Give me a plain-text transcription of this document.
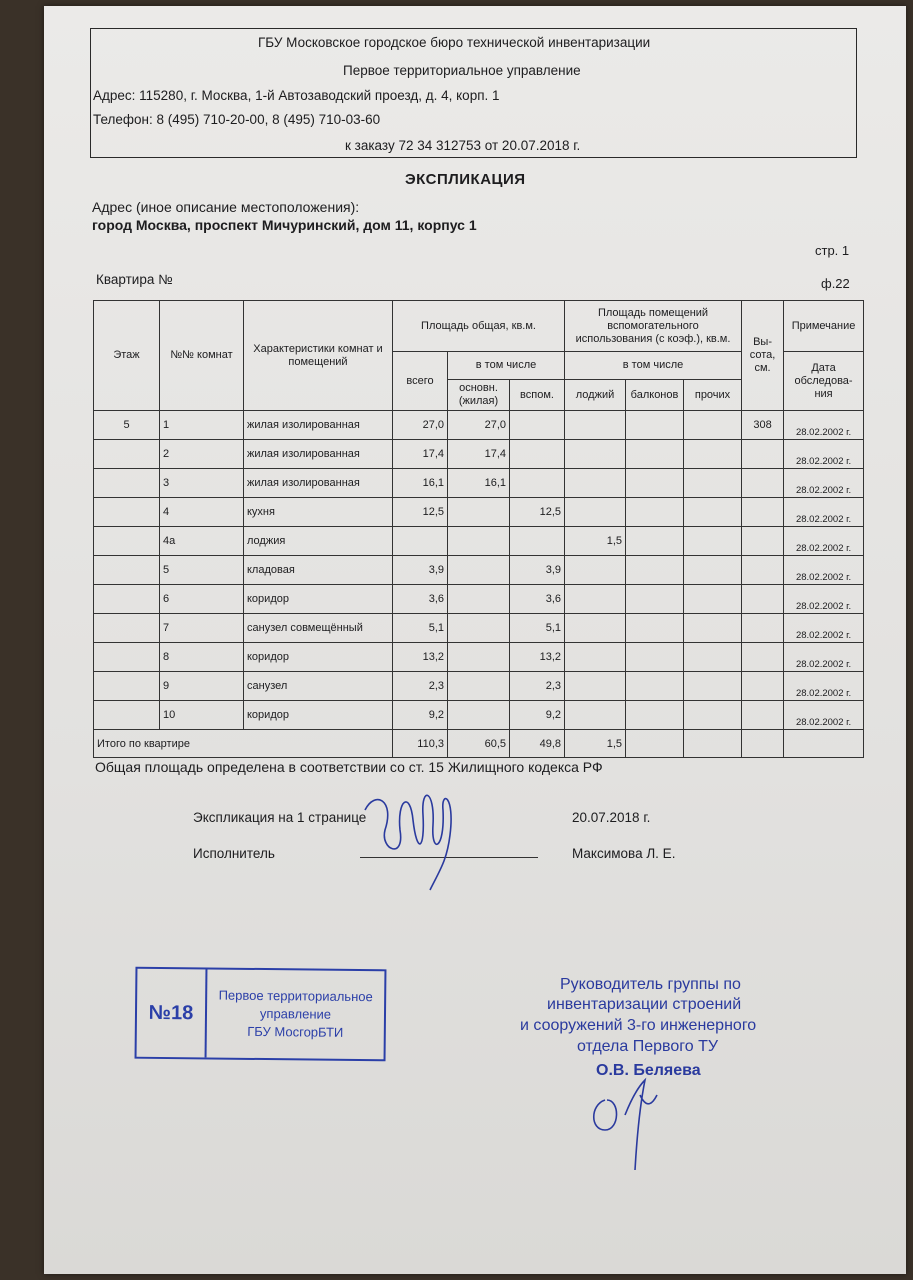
ГБУ Московское городское бюро технической инвентаризации
Первое территориальное управление
Адрес: 115280, г. Москва, 1-й Автозаводский проезд, д. 4, корп. 1
Телефон: 8 (495) 710-20-00, 8 (495) 710-03-60
к заказу 72 34 312753 от 20.07.2018 г.
ЭКСПЛИКАЦИЯ
Адрес (иное описание местоположения):
город Москва, проспект Мичуринский, дом 11, корпус 1
стр. 1
Квартира №	ф.22
Этаж	№№ комнат	Характеристики комнат и помещений	Площадь общая, кв.м.			Площадь помещений вспомогательного использования (с коэф.), кв.м.			Вы-сота, см.	Примечание
			всего	в том числе		в том числе				Дата обследова-ния
				основн. (жилая)	вспом.	лоджий	балконов	прочих		
5	1	жилая изолированная	27,0	27,0					308	28.02.2002 г.
	2	жилая изолированная	17,4	17,4						28.02.2002 г.
	3	жилая изолированная	16,1	16,1						28.02.2002 г.
	4	кухня	12,5		12,5					28.02.2002 г.
	4а	лоджия				1,5				28.02.2002 г.
	5	кладовая	3,9		3,9					28.02.2002 г.
	6	коридор	3,6		3,6					28.02.2002 г.
	7	санузел совмещённый	5,1		5,1					28.02.2002 г.
	8	коридор	13,2		13,2					28.02.2002 г.
	9	санузел	2,3		2,3					28.02.2002 г.
	10	коридор	9,2		9,2					28.02.2002 г.
Итого по квартире			110,3	60,5	49,8	1,5				
Общая площадь определена в соответствии со ст. 15 Жилищного кодекса РФ
Экспликация на 1 странице	20.07.2018 г.
Исполнитель	Максимова Л. Е.
№18
Первое территориальное
управление
ГБУ МосгорБТИ
Руководитель группы по
инвентаризации строений
и сооружений 3-го инженерного
отдела Первого ТУ
О.В. Беляева
